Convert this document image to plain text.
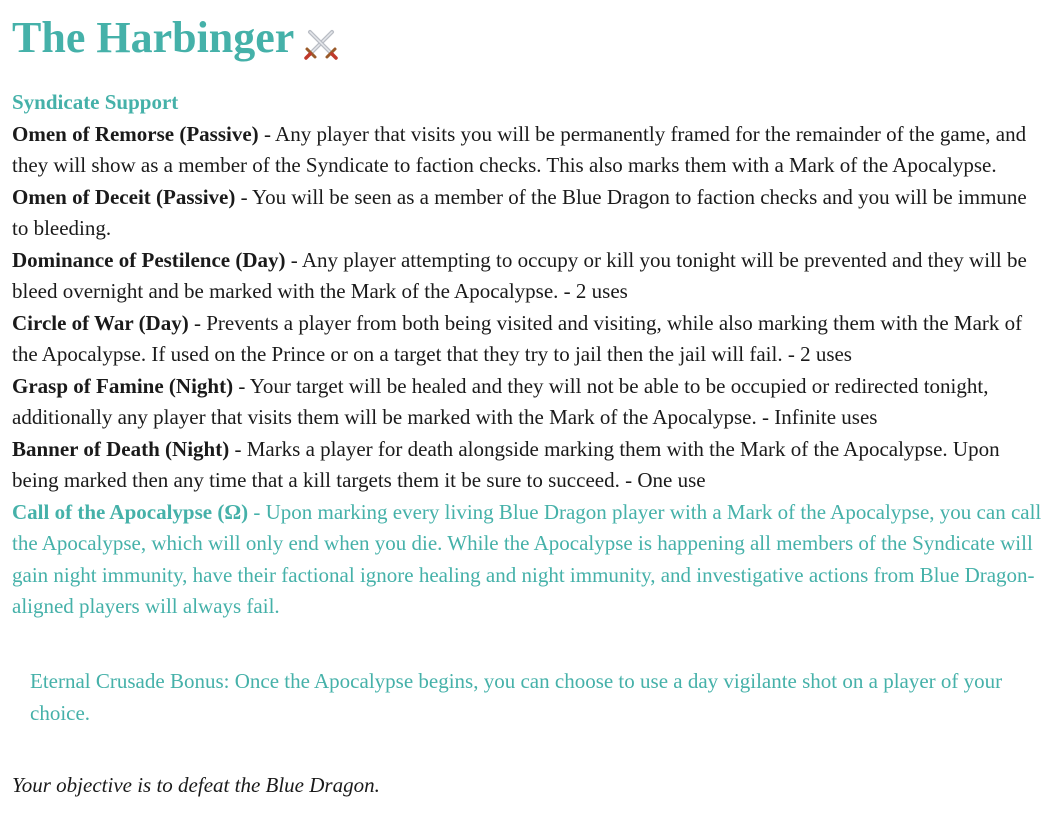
The Harbinger
Syndicate Support
Omen of Remorse (Passive) - Any player that visits you will be permanently framed for the remainder of the game, and they will show as a member of the Syndicate to faction checks. This also marks them with a Mark of the Apocalypse.
Omen of Deceit (Passive) - You will be seen as a member of the Blue Dragon to faction checks and you will be immune to bleeding.
Dominance of Pestilence (Day) - Any player attempting to occupy or kill you tonight will be prevented and they will be bleed overnight and be marked with the Mark of the Apocalypse. - 2 uses
Circle of War (Day) - Prevents a player from both being visited and visiting, while also marking them with the Mark of the Apocalypse. If used on the Prince or on a target that they try to jail then the jail will fail. - 2 uses
Grasp of Famine (Night) - Your target will be healed and they will not be able to be occupied or redirected tonight, additionally any player that visits them will be marked with the Mark of the Apocalypse. - Infinite uses
Banner of Death (Night) - Marks a player for death alongside marking them with the Mark of the Apocalypse. Upon being marked then any time that a kill targets them it be sure to succeed. - One use
Call of the Apocalypse (Ω) - Upon marking every living Blue Dragon player with a Mark of the Apocalypse, you can call the Apocalypse, which will only end when you die. While the Apocalypse is happening all members of the Syndicate will gain night immunity, have their factional ignore healing and night immunity, and investigative actions from Blue Dragon-aligned players will always fail.
Eternal Crusade Bonus: Once the Apocalypse begins, you can choose to use a day vigilante shot on a player of your choice.
Your objective is to defeat the Blue Dragon.
